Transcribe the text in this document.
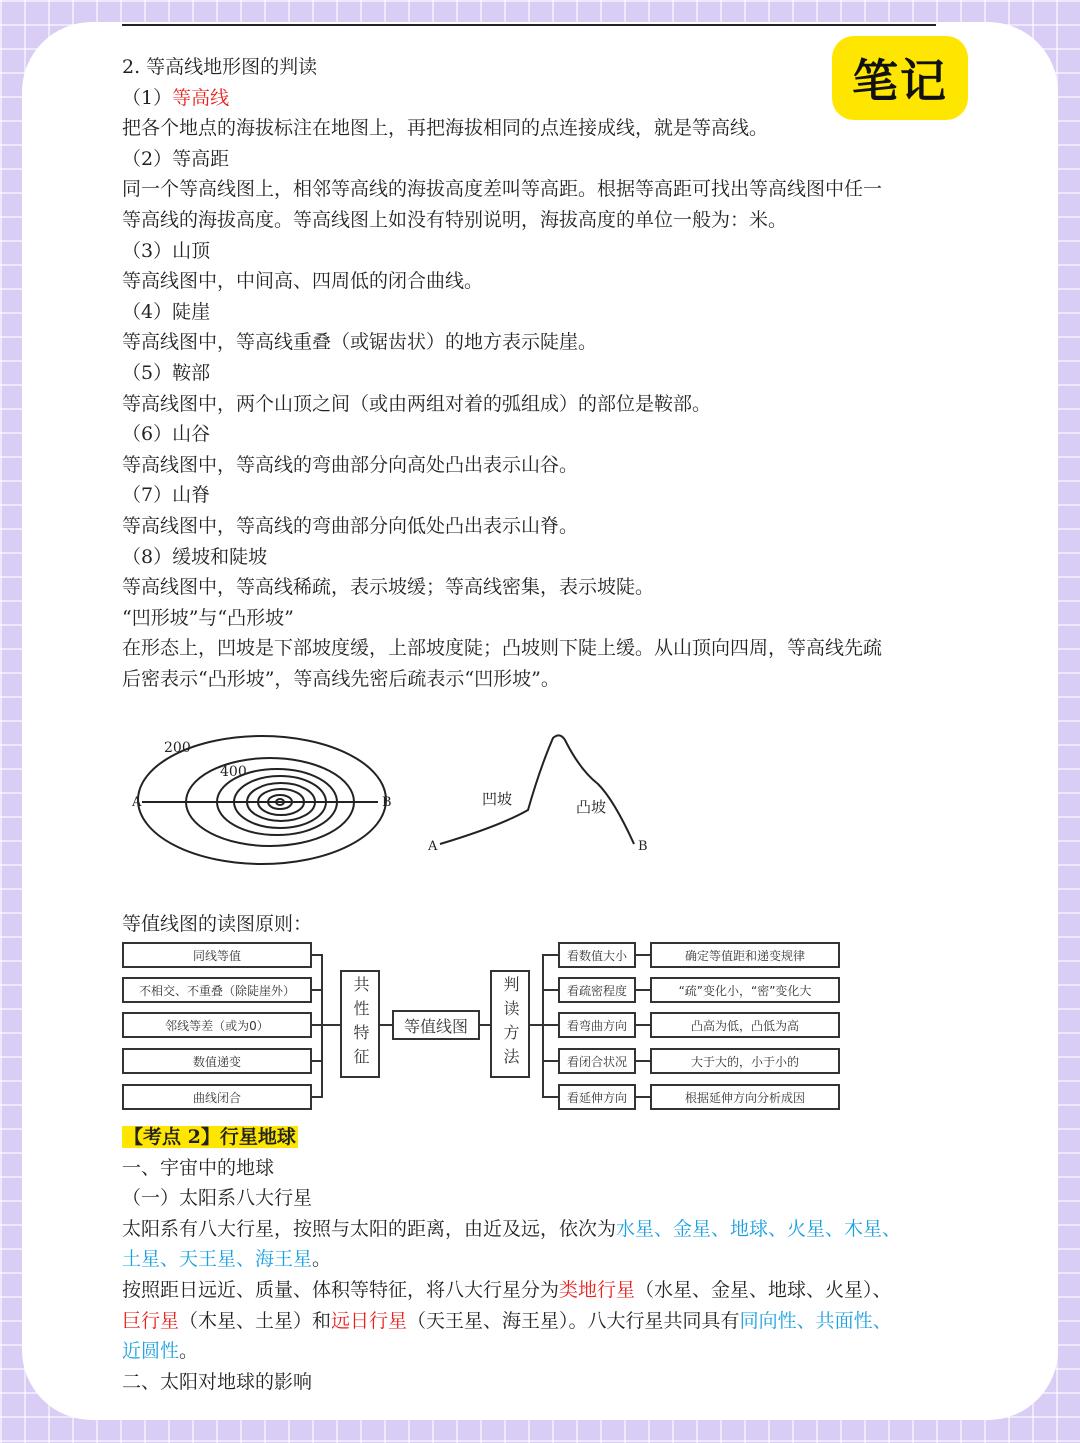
笔记
2. 等高线地形图的判读
（1）等高线
把各个地点的海拔标注在地图上，再把海拔相同的点连接成线，就是等高线。
（2）等高距
同一个等高线图上，相邻等高线的海拔高度差叫等高距。根据等高距可找出等高线图中任一
等高线的海拔高度。等高线图上如没有特别说明，海拔高度的单位一般为：米。
（3）山顶
等高线图中，中间高、四周低的闭合曲线。
（4）陡崖
等高线图中，等高线重叠（或锯齿状）的地方表示陡崖。
（5）鞍部
等高线图中，两个山顶之间（或由两组对着的弧组成）的部位是鞍部。
（6）山谷
等高线图中，等高线的弯曲部分向高处凸出表示山谷。
（7）山脊
等高线图中，等高线的弯曲部分向低处凸出表示山脊。
（8）缓坡和陡坡
等高线图中，等高线稀疏，表示坡缓；等高线密集，表示坡陡。
“凹形坡”与“凸形坡”
在形态上，凹坡是下部坡度缓，上部坡度陡；凸坡则下陡上缓。从山顶向四周，等高线先疏
后密表示“凸形坡”，等高线先密后疏表示“凹形坡”。
200
400
A	B	凹坡	凸坡
A	B
等值线图的读图原则：
同线等值
不相交、不重叠（除陡崖外）
邻线等差（或为0）
数值递变
曲线闭合
共性特征	等值线图	判读方法
看数值大小
看疏密程度
看弯曲方向
看闭合状况
看延伸方向
确定等值距和递变规律
“疏”变化小，“密”变化大
凸高为低，凸低为高
大于大的，小于小的
根据延伸方向分析成因
【考点 2】行星地球
一、宇宙中的地球
（一）太阳系八大行星
太阳系有八大行星，按照与太阳的距离，由近及远，依次为水星、金星、地球、火星、木星、
土星、天王星、海王星。
按照距日远近、质量、体积等特征，将八大行星分为类地行星（水星、金星、地球、火星）、
巨行星（木星、土星）和远日行星（天王星、海王星）。八大行星共同具有同向性、共面性、
近圆性。
二、太阳对地球的影响
